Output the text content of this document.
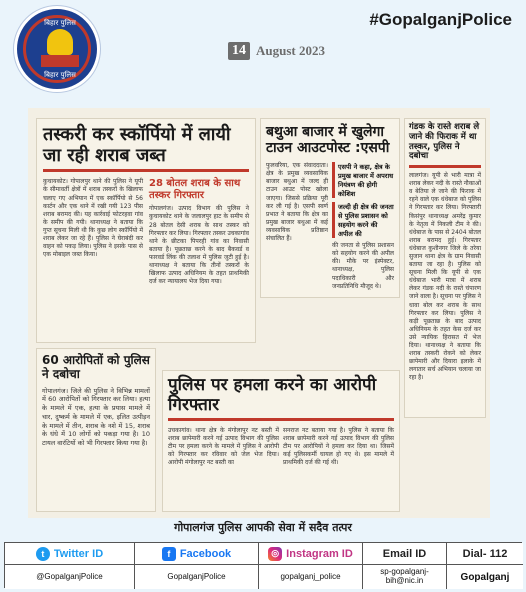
बिहार पुलिस
बिहार पुलिस
#GopalganjPolice
14 August 2023
तस्करी कर स्कॉर्पियो में लायी जा रही शराब जब्त
कुचायकोट। गोपालपुर थाने की पुलिस ने यूपी के सीमावर्ती क्षेत्रों में शराब तस्करों के खिलाफ चलाए गए अभियान में एक स्कॉर्पियो से 56 कार्टन और एक थाने में रखी गयी 123 पीस शराब बरामद की। यह कार्रवाई फोटरहवा गांव के समीप की गयी। थानाध्यक्ष ने बताया कि गुप्त सूचना मिली थी कि कुछ लोग स्कॉर्पियो में शराब लेकर जा रहे हैं। पुलिस ने घेराबंदी कर वाहन को पकड़ लिया। पुलिस ने इसके पास से एक मोबाइल जब्त किया।
28 बोतल शराब के साथ तस्कर गिरफ्तार
गोपालगंज। उत्पाद विभाग की पुलिस ने कुचायकोट थाने के जलालपुर हाट के समीप से 28 बोतल देसी शराब के साथ तस्कर को गिरफ्तार कर लिया। गिरफ्तार तस्कर उचकागांव थाने के छीटका पिपरही गांव का निवासी बताया है। पूछताछ करने के बाद बैकवर्ड व फारवर्ड लिंक की तलाश में पुलिस जुटी हुई है। थानाध्यक्ष ने बताया कि तीनों तस्करों के खिलाफ उत्पाद अधिनियम के तहत प्राथमिकी दर्ज कर न्यायालय भेज दिया गया।
बथुआ बाजार में खुलेगा टाउन आउटपोस्ट :एसपी
फुलवरिया, एक संवाददाता। क्षेत्र के प्रमुख व्यवसायिक बाजार बथुआ में जल्द ही टाउन आउट पोस्ट खोला जाएगा। जिससे प्रक्रिया पूरी कर ली गई है। एसपी स्वर्ण प्रभात ने बताया कि क्षेत्र का प्रमुख बाजार बथुआ में कई व्यवसायिक प्रतिष्ठान संचालित हैं।
एसपी ने कहा, क्षेत्र के प्रमुख बाजार में अपराध नियंत्रण की होगी कोशिश
जल्दी ही क्षेत्र की जनता से पुलिस प्रशासन को सहयोग करने की अपील की
की जनता से पुलिस प्रशासन को सहयोग करने की अपील की। मौके पर इंस्पेक्टर, थानाध्यक्ष, पुलिस पदाधिकारी और जनप्रतिनिधि मौजूद थे।
गंडक के रास्ते शराब ले जाने की फिराक में था तस्कर, पुलिस ने दबोचा
लालगंज। यूपी से भारी मात्रा में शराब लेकर नदी के रास्ते नौकाओं व बेतिया ले जाने की फिराक में रहने वाले एक धंधेबाज को पुलिस ने गिरफ्तार कर लिया। गिरफ्तारी किसंपुर थानाध्यक्ष अमरेंद्र कुमार के नेतृत्व में निकली टीम ने की। धंधेबाज के पास से 2404 बोतल शराब बरामद हुई। गिरफ्तार धंधेबाज कुशीनगर जिले के तरेया सुजान थाना क्षेत्र के ग्राम निवासी बताया जा रहा है। पुलिस को सूचना मिली कि यूपी से एक धंधेबाज भारी मात्रा में शराब लेकर गंडक नदी के रास्ते चंपारण जाने वाला है। सूचना पर पुलिस ने धावा बोल कर शराब के साथ गिरफ्तार कर लिया। पुलिस ने कड़ी पूछताछ के बाद उत्पाद अधिनियम के तहत केस दर्ज कर उसे न्यायिक हिरासत में भेज दिया। थानाध्यक्ष ने बताया कि शराब तस्करी रोकने को लेकर छापेमारी और दियारा इलाके में लगातार सर्च अभियान चलाया जा रहा है।
60 आरोपितों को पुलिस ने दबोचा
गोपालगंज। जिले की पुलिस ने विभिन्न मामलों में 60 आरोपितों को गिरफ्तार कर लिया। हत्या के मामले में एक, हत्या के प्रयास मामले में चार, दुष्कर्म के मामले में एक, इलित उत्पीड़न के मामले में तीन, शराब के नशे में 15, शराब के धंधे में 10 लोगों को पकड़ा गया है। 10 टायल वारंटियों को भी गिरफ्तार किया गया है।
पुलिस पर हमला करने का आरोपी गिरफ्तार
उचकागांव। थाना क्षेत्र के मंगोलापुर नट बस्ती में शराब छापेमारी करने गई उत्पाद विभाग की पुलिस टीम पर हमला करने के मामले में पुलिस ने आरोपी को गिरफ्तार कर रविवार को जेल भेज दिया। आरोपी मंगोलापुर नट बस्ती का
सनराज नट बताया गया है। पुलिस ने बताया कि शराब छापेमारी करने गई उत्पाद विभाग की पुलिस टीम पर आरोपियों ने हमला कर दिया था। जिसमें कई पुलिसकर्मी घायल हो गए थे। इस मामले में प्राथमिकी दर्ज की गई थी।
गोपालगंज पुलिस आपकी सेवा में सदैव तत्पर
t Twitter ID	f Facebook	◎ Instagram ID	Email ID	Dial- 112
@GopalganjPolice	GopalganjPolice	gopalganj_police	sp-gopalganj-bih@nic.in	Gopalganj
